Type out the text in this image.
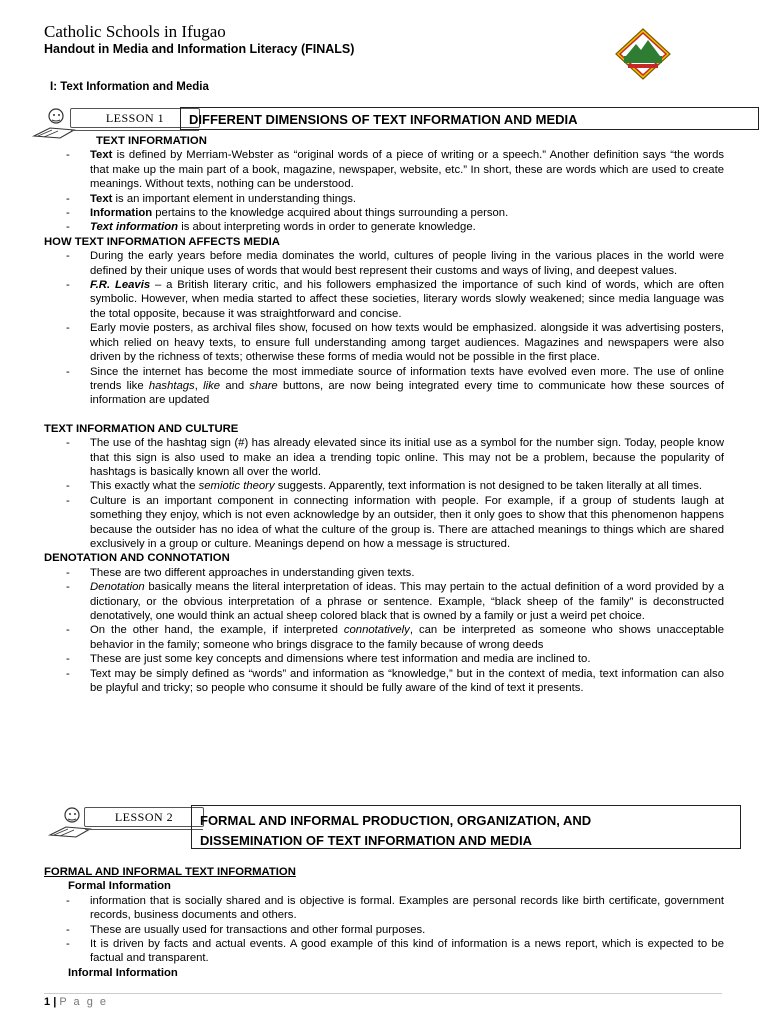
Catholic Schools in Ifugao
Handout in Media and Information Literacy (FINALS)
I: Text Information and Media
LESSON 1	DIFFERENT DIMENSIONS OF TEXT INFORMATION AND MEDIA
LESSON 2	FORMAL AND INFORMAL PRODUCTION, ORGANIZATION, AND
DISSEMINATION OF TEXT INFORMATION AND MEDIA

TEXT INFORMATION

- Text is defined by Merriam-Webster as “original words of a piece of writing or a speech.” Another definition says “the words that make up the main part of a book, magazine, newspaper, website, etc.” In short, these are words which are used to create meanings. Without texts, nothing can be understood.
- Text is an important element in understanding things.
- Information pertains to the knowledge acquired about things surrounding a person.
- Text information is about interpreting words in order to generate knowledge.

HOW TEXT INFORMATION AFFECTS MEDIA

- During the early years before media dominates the world, cultures of people living in the various places in the world were defined by their unique uses of words that would best represent their customs and ways of living, and deepest values.
- F.R. Leavis – a British literary critic, and his followers emphasized the importance of such kind of words, which are often symbolic. However, when media started to affect these societies, literary words slowly weakened; since media language was the total opposite, because it was straightforward and concise.
- Early movie posters, as archival files show, focused on how texts would be emphasized. alongside it was advertising posters, which relied on heavy texts, to ensure full understanding among target audiences. Magazines and newspapers were also driven by the richness of texts; otherwise these forms of media would not be possible in the first place.
- Since the internet has become the most immediate source of information texts have evolved even more. The use of online trends like hashtags, like and share buttons, are now being integrated every time to communicate how these sources of information are updated

TEXT INFORMATION AND CULTURE

- The use of the hashtag sign (#) has already elevated since its initial use as a symbol for the number sign. Today, people know that this sign is also used to make an idea a trending topic online. This may not be a problem, because the popularity of hashtags is basically known all over the world.
- This exactly what the semiotic theory suggests. Apparently, text information is not designed to be taken literally at all times.
- Culture is an important component in connecting information with people. For example, if a group of students laugh at something they enjoy, which is not even acknowledge by an outsider, then it only goes to show that this phenomenon happens because the outsider has no idea of what the culture of the group is. There are attached meanings to things which are shared exclusively in a group or culture. Meanings depend on how a message is structured.

DENOTATION AND CONNOTATION

- These are two different approaches in understanding given texts.
- Denotation basically means the literal interpretation of ideas. This may pertain to the actual definition of a word provided by a dictionary, or the obvious interpretation of a phrase or sentence. Example, “black sheep of the family” is deconstructed denotatively, one would think an actual sheep colored black that is owned by a family or just a weird pet choice.
- On the other hand, the example, if interpreted connotatively, can be interpreted as someone who shows unacceptable behavior in the family; someone who brings disgrace to the family because of wrong deeds
- These are just some key concepts and dimensions where test information and media are inclined to.
- Text may be simply defined as “words” and information as “knowledge,” but in the context of media, text information can also be playful and tricky; so people who consume it should be fully aware of the kind of text it presents.

FORMAL AND INFORMAL TEXT INFORMATION

Formal Information

- information that is socially shared and is objective is formal. Examples are personal records like birth certificate, government records, business documents and others.
- These are usually used for transactions and other formal purposes.
- It is driven by facts and actual events. A good example of this kind of information is a news report, which is expected to be factual and transparent.

Informal Information

1 | P a g e
